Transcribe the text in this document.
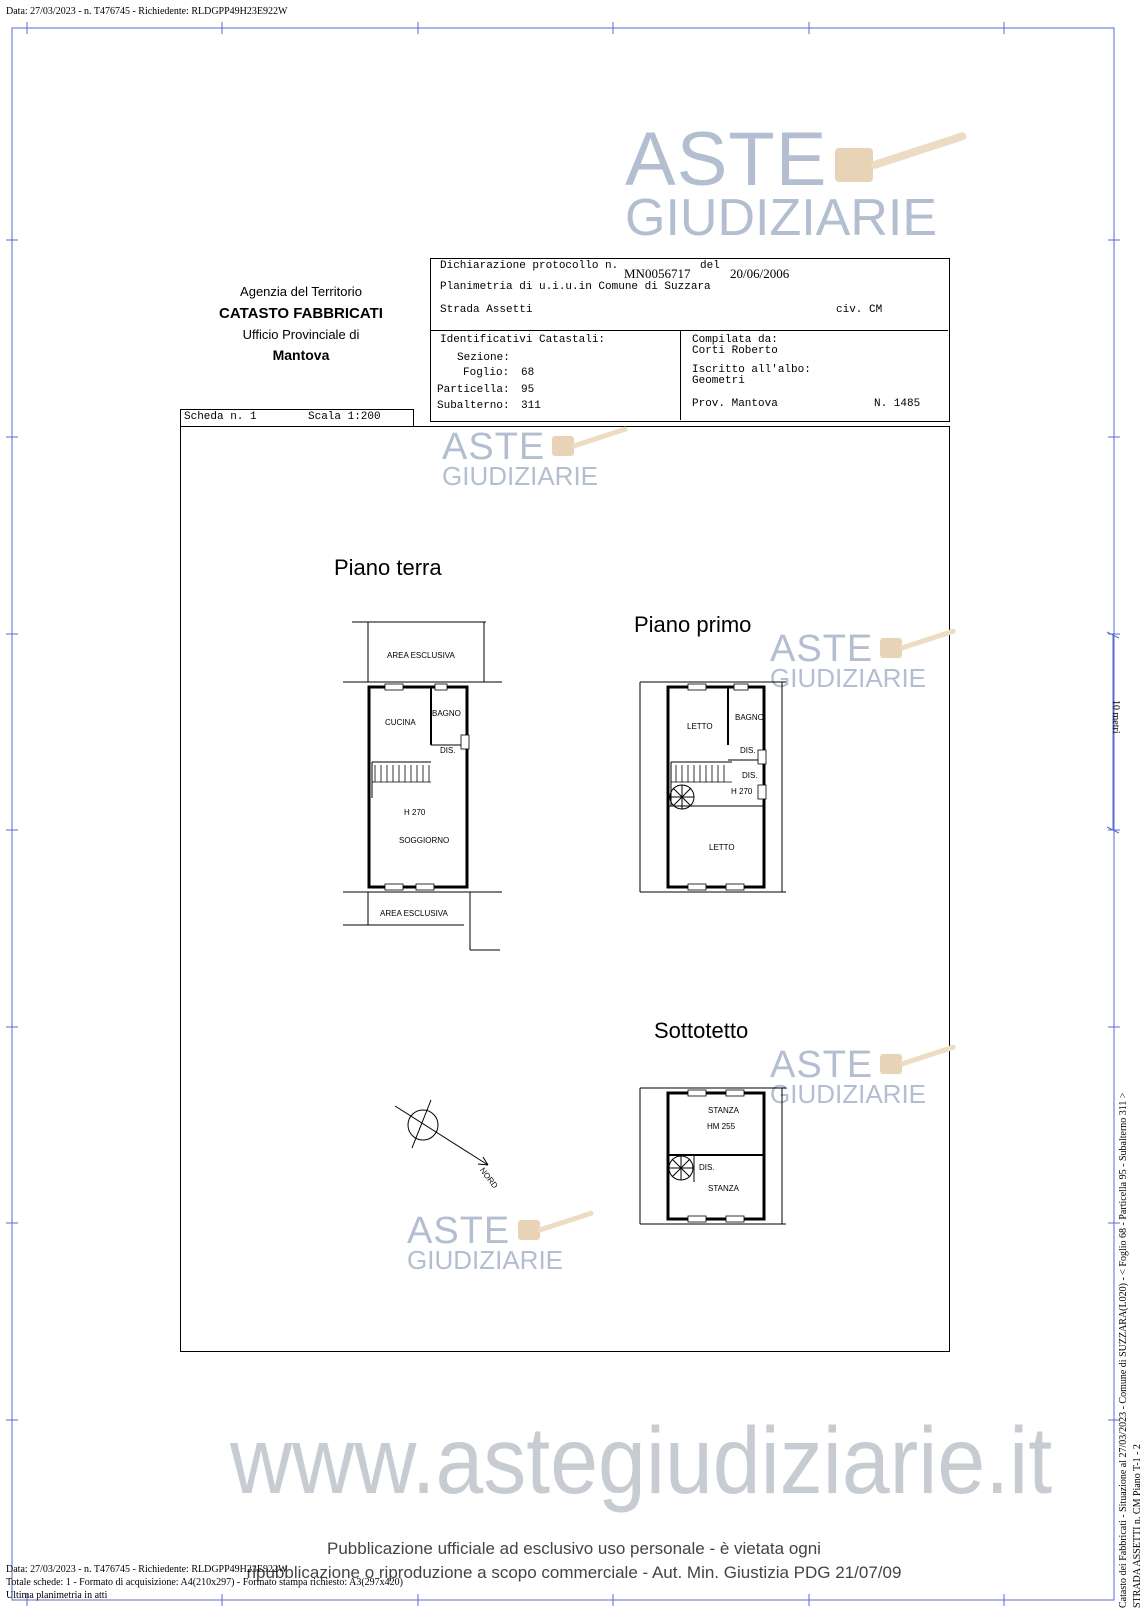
Data: 27/03/2023 - n. T476745 - Richiedente: RLDGPP49H23E922W
ASTE
GIUDIZIARIE
Agenzia del Territorio
CATASTO FABBRICATI
Ufficio Provinciale di
Mantova
Dichiarazione protocollo n. MN0056717 del 20/06/2006
Planimetria di u.i.u.in Comune di Suzzara
Strada Assetti	civ. CM
Identificativi Catastali:
Sezione:
Foglio: 68
Particella: 95
Subalterno: 311
Compilata da:
Corti Roberto
Iscritto all'albo:
Geometri
Prov. Mantova	N. 1485
Scheda n. 1	Scala 1:200
ASTE
GIUDIZIARIE
ASTE
GIUDIZIARIE
ASTE
GIUDIZIARIE
ASTE
GIUDIZIARIE
Piano terra
Piano primo
Sottotetto
AREA ESCLUSIVA
CUCINA
BAGNO
DIS.
H 270
SOGGIORNO
AREA ESCLUSIVA
LETTO
BAGNO
DIS.
DIS.
H 270
LETTO
STANZA
HM 255
DIS.
STANZA
NORD
www.astegiudiziarie.it
Pubblicazione ufficiale ad esclusivo uso personale - è vietata ogni
ripubblicazione o riproduzione a scopo commerciale - Aut. Min. Giustizia PDG 21/07/09
10 metri
Catasto dei Fabbricati - Situazione al 27/03/2023 - Comune di SUZZARA(L020) - < Foglio 68 - Particella 95 - Subalterno 311 > STRADA ASSETTI n. CM Piano T-1 - 2
Data: 27/03/2023 - n. T476745 - Richiedente: RLDGPP49H23E922W
Totale schede: 1 - Formato di acquisizione: A4(210x297) - Formato stampa richiesto: A3(297x420)
Ultima planimetria in atti
